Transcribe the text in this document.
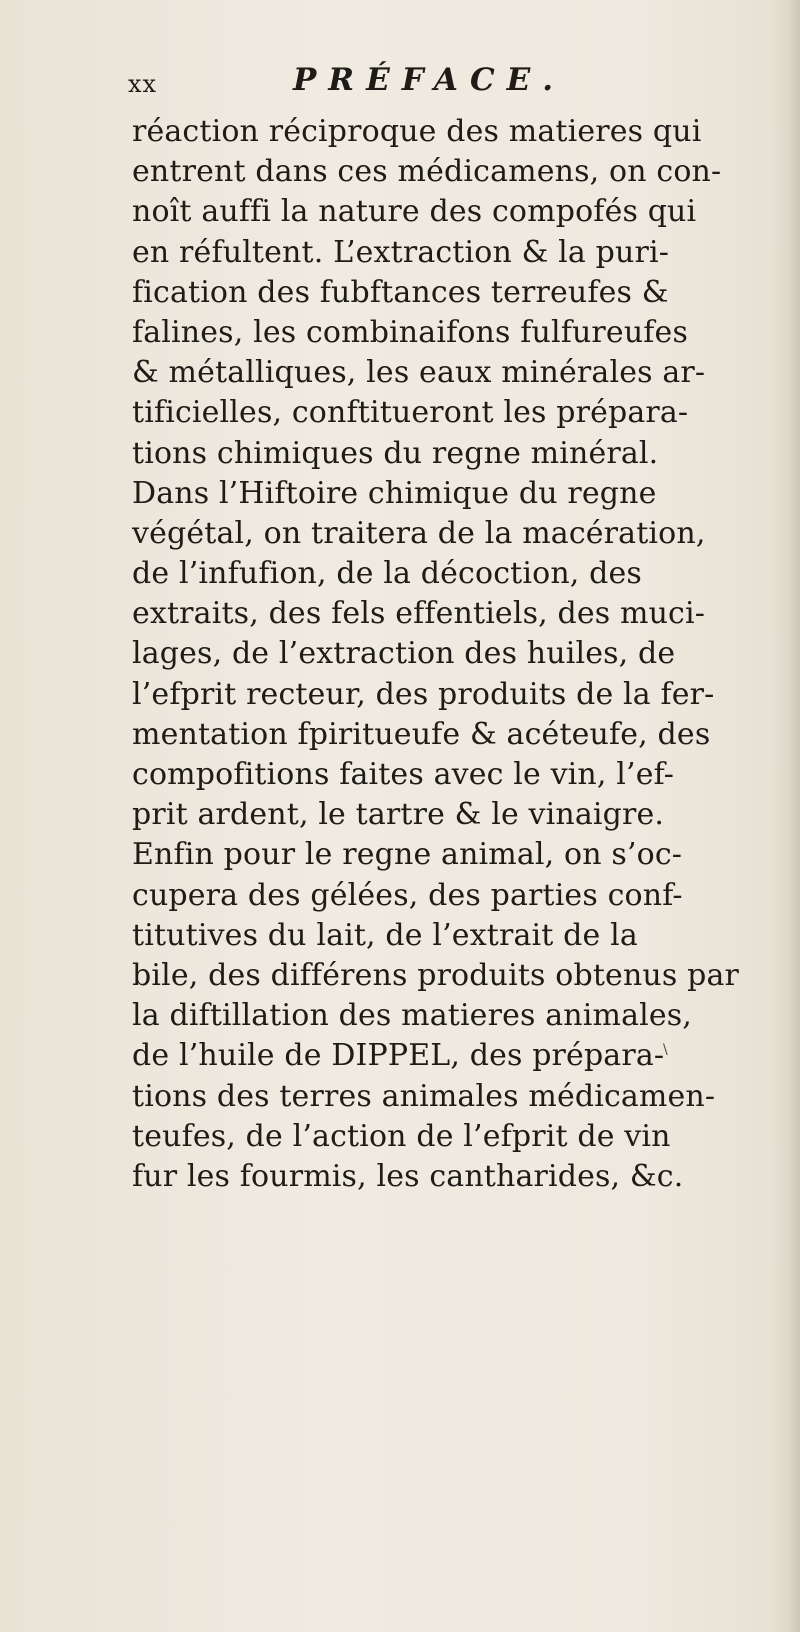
xx	PRÉFACE.
réaction réciproque des matieres qui
entrent dans ces médicamens, on con-
noît auffi la nature des compofés qui
en réfultent. L’extraction & la puri-
fication des fubftances terreufes &
falines, les combinaifons fulfureufes
& métalliques, les eaux minérales ar-
tificielles, conftitueront les prépara-
tions chimiques du regne minéral.
Dans l’Hiftoire chimique du regne
végétal, on traitera de la macération,
de l’infufion, de la décoction, des
extraits, des fels effentiels, des muci-
lages, de l’extraction des huiles, de
l’efprit recteur, des produits de la fer-
mentation fpiritueufe & acéteufe, des
compofitions faites avec le vin, l’ef-
prit ardent, le tartre & le vinaigre.
Enfin pour le regne animal, on s’oc-
cupera des gélées, des parties conf-
titutives du lait, de l’extrait de la
bile, des différens produits obtenus par
la diftillation des matieres animales,
de l’huile de DIPPEL, des prépara-
tions des terres animales médicamen-
teufes, de l’action de l’efprit de vin
fur les fourmis, les cantharides, &c.
\
